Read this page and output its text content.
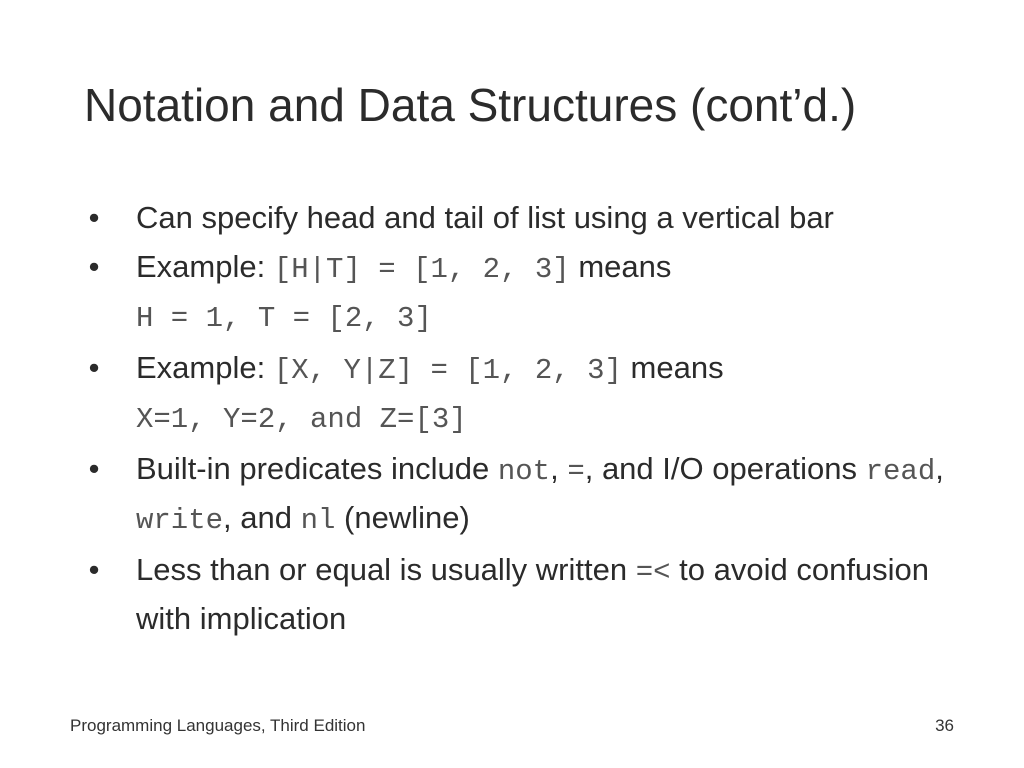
Notation and Data Structures (cont’d.)
• Can specify head and tail of list using a vertical bar
• Example: [H|T] = [1, 2, 3] means
H = 1, T = [2, 3]
• Example: [X, Y|Z] = [1, 2, 3] means
X=1, Y=2, and Z=[3]
• Built-in predicates include not, =, and I/O operations read, write, and nl (newline)
• Less than or equal is usually written =< to avoid confusion with implication
Programming Languages, Third Edition	36
